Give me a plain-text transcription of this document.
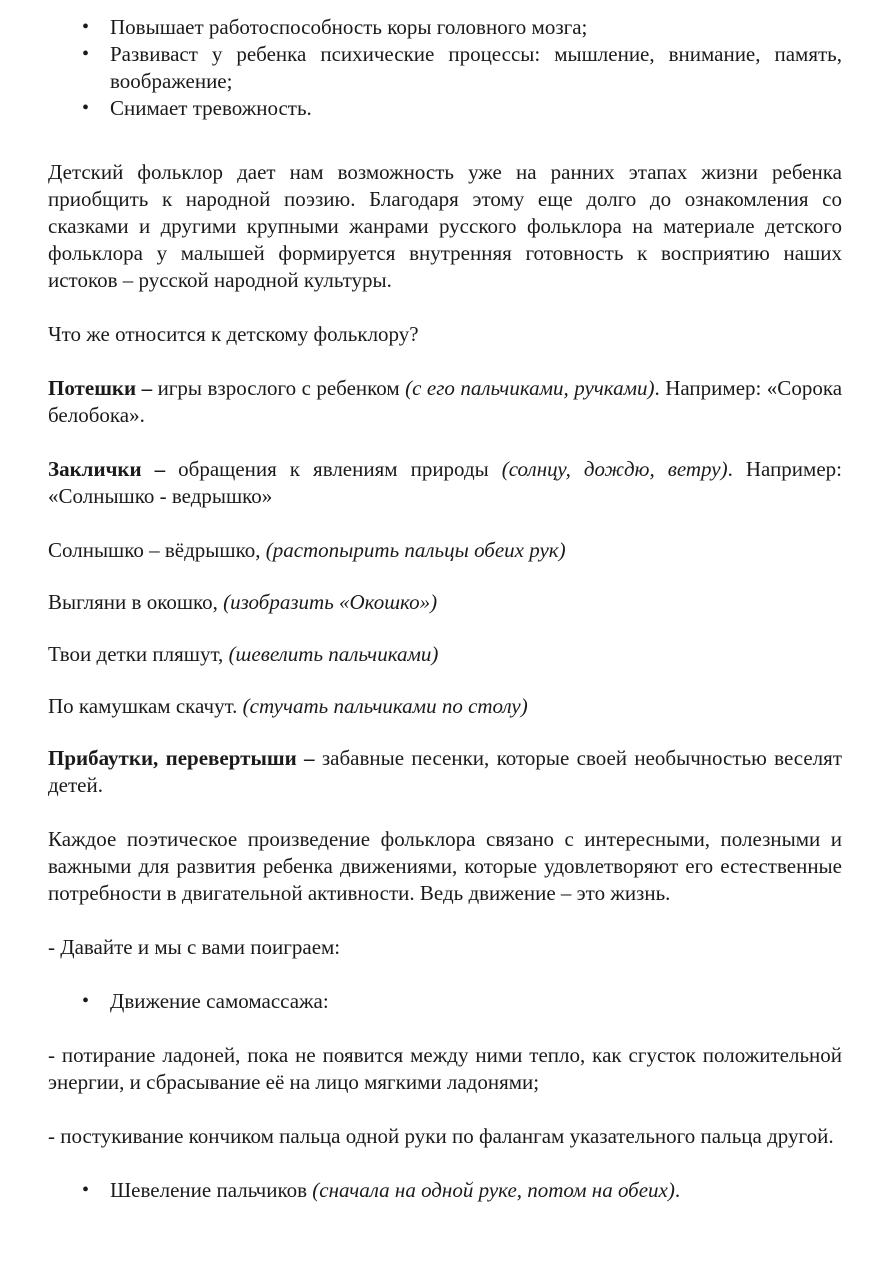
• Повышает работоспособность коры головного мозга;
• Развиваст у ребенка психические процессы: мышление, внимание, память, воображение;
• Снимает тревожность.

Детский фольклор дает нам возможность уже на ранних этапах жизни ребенка приобщить к народной поэзию. Благодаря этому еще долго до ознакомления со сказками и другими крупными жанрами русского фольклора на материале детского фольклора у малышей формируется внутренняя готовность к восприятию наших истоков – русской народной культуры.

Что же относится к детскому фольклору?

Потешки – игры взрослого с ребенком (с его пальчиками, ручками). Например: «Сорока белобока».

Заклички – обращения к явлениям природы (солнцу, дождю, ветру). Например: «Солнышко - ведрышко»

Солнышко – вёдрышко, (растопырить пальцы обеих рук)

Выгляни в окошко, (изобразить «Окошко»)

Твои детки пляшут, (шевелить пальчиками)

По камушкам скачут. (стучать пальчиками по столу)

Прибаутки, перевертыши – забавные песенки, которые своей необычностью веселят детей.

Каждое поэтическое произведение фольклора связано с интересными, полезными и важными для развития ребенка движениями, которые удовлетворяют его естественные потребности в двигательной активности. Ведь движение – это жизнь.

- Давайте и мы с вами поиграем:

• Движение самомассажа:

- потирание ладоней, пока не появится между ними тепло, как сгусток положительной энергии, и сбрасывание её на лицо мягкими ладонями;

- постукивание кончиком пальца одной руки по фалангам указательного пальца другой.

• Шевеление пальчиков (сначала на одной руке, потом на обеих).
